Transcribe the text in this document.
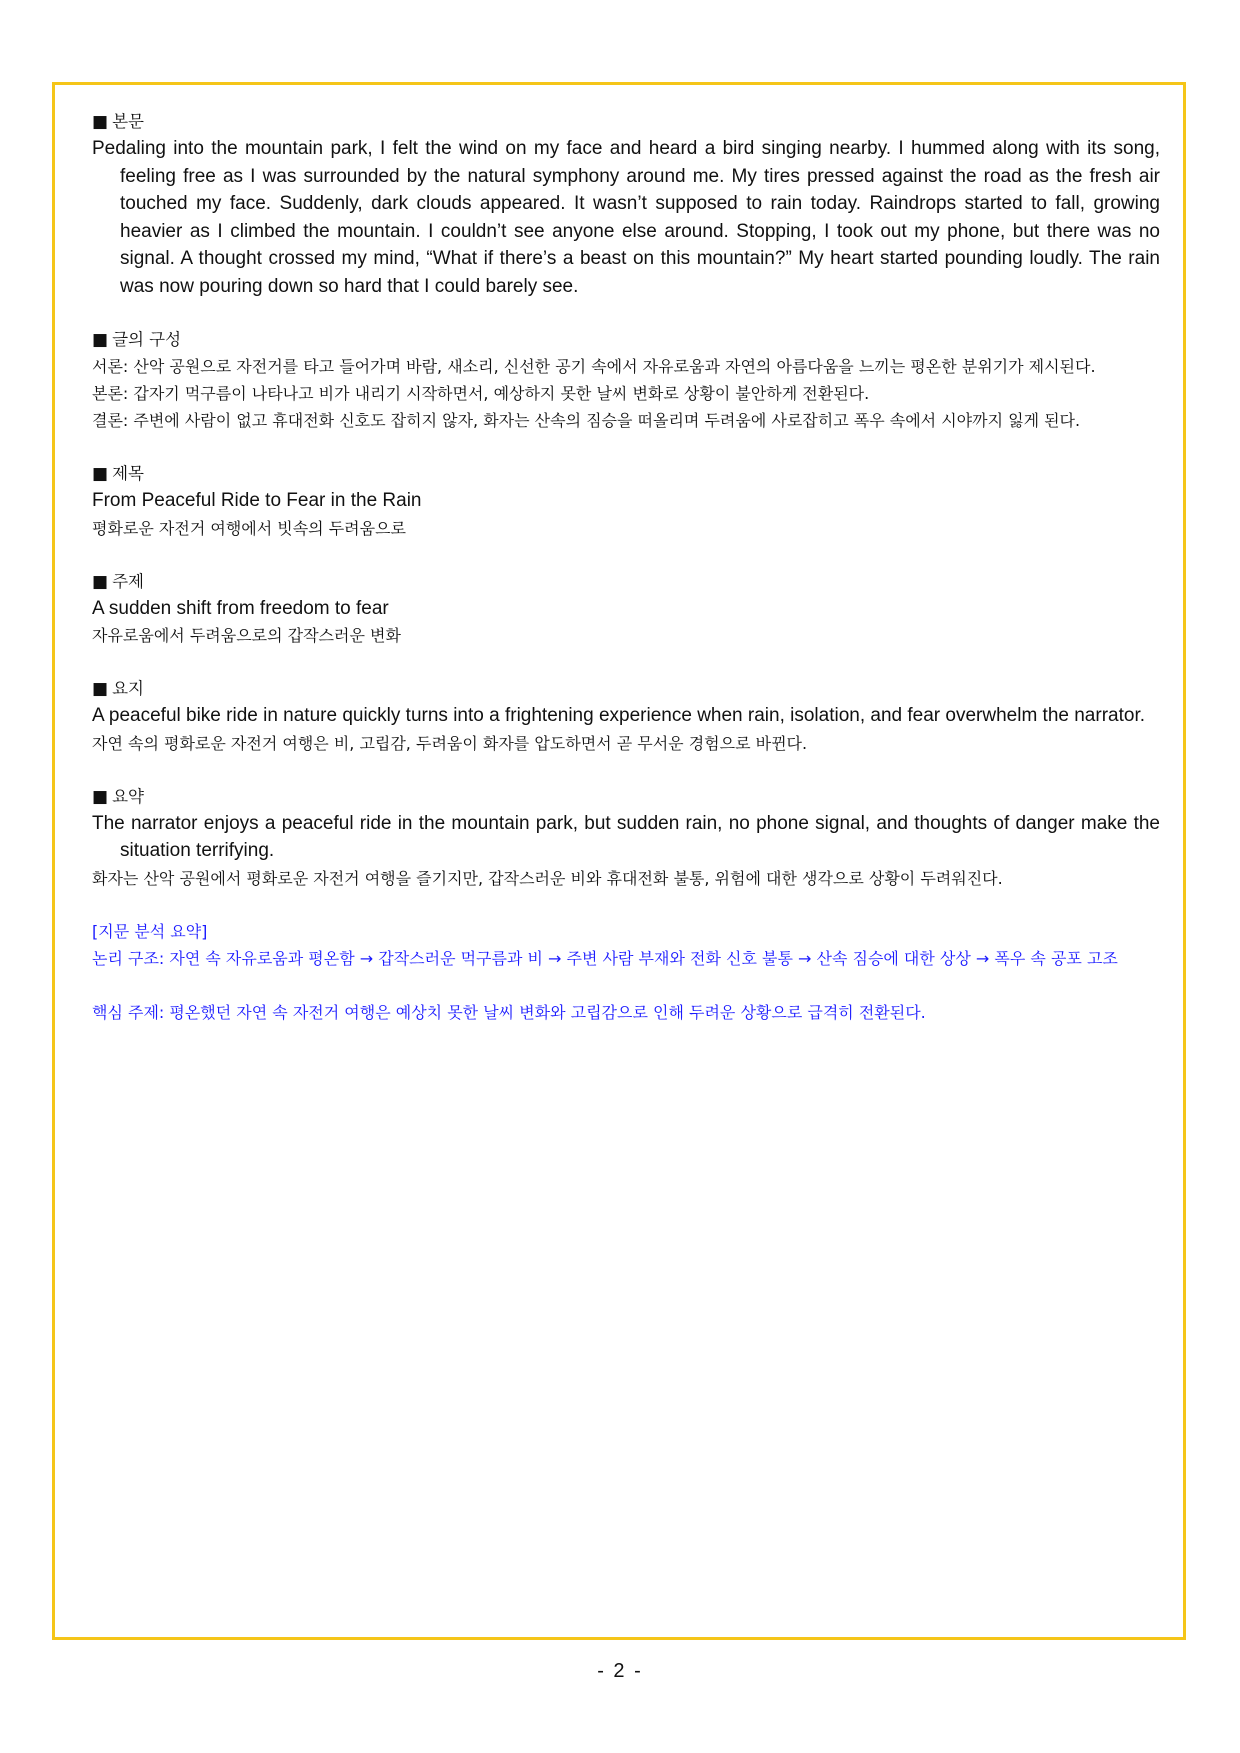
■ 본문
Pedaling into the mountain park, I felt the wind on my face and heard a bird singing nearby. I hummed along with its song, feeling free as I was surrounded by the natural symphony around me. My tires pressed against the road as the fresh air touched my face. Suddenly, dark clouds appeared. It wasn’t supposed to rain today. Raindrops started to fall, growing heavier as I climbed the mountain. I couldn’t see anyone else around. Stopping, I took out my phone, but there was no signal. A thought crossed my mind, “What if there’s a beast on this mountain?” My heart started pounding loudly. The rain was now pouring down so hard that I could barely see.
■ 글의 구성
서론: 산악 공원으로 자전거를 타고 들어가며 바람, 새소리, 신선한 공기 속에서 자유로움과 자연의 아름다움을 느끼는 평온한 분위기가 제시된다.
본론: 갑자기 먹구름이 나타나고 비가 내리기 시작하면서, 예상하지 못한 날씨 변화로 상황이 불안하게 전환된다.
결론: 주변에 사람이 없고 휴대전화 신호도 잡히지 않자, 화자는 산속의 짐승을 떠올리며 두려움에 사로잡히고 폭우 속에서 시야까지 잃게 된다.
■ 제목
From Peaceful Ride to Fear in the Rain
평화로운 자전거 여행에서 빗속의 두려움으로
■ 주제
A sudden shift from freedom to fear
자유로움에서 두려움으로의 갑작스러운 변화
■ 요지
A peaceful bike ride in nature quickly turns into a frightening experience when rain, isolation, and fear overwhelm the narrator.
자연 속의 평화로운 자전거 여행은 비, 고립감, 두려움이 화자를 압도하면서 곧 무서운 경험으로 바뀐다.
■ 요약
The narrator enjoys a peaceful ride in the mountain park, but sudden rain, no phone signal, and thoughts of danger make the situation terrifying.
화자는 산악 공원에서 평화로운 자전거 여행을 즐기지만, 갑작스러운 비와 휴대전화 불통, 위험에 대한 생각으로 상황이 두려워진다.
[지문 분석 요약]
논리 구조: 자연 속 자유로움과 평온함 → 갑작스러운 먹구름과 비 → 주변 사람 부재와 전화 신호 불통 → 산속 짐승에 대한 상상 → 폭우 속 공포 고조
핵심 주제: 평온했던 자연 속 자전거 여행은 예상치 못한 날씨 변화와 고립감으로 인해 두려운 상황으로 급격히 전환된다.
- 2 -
